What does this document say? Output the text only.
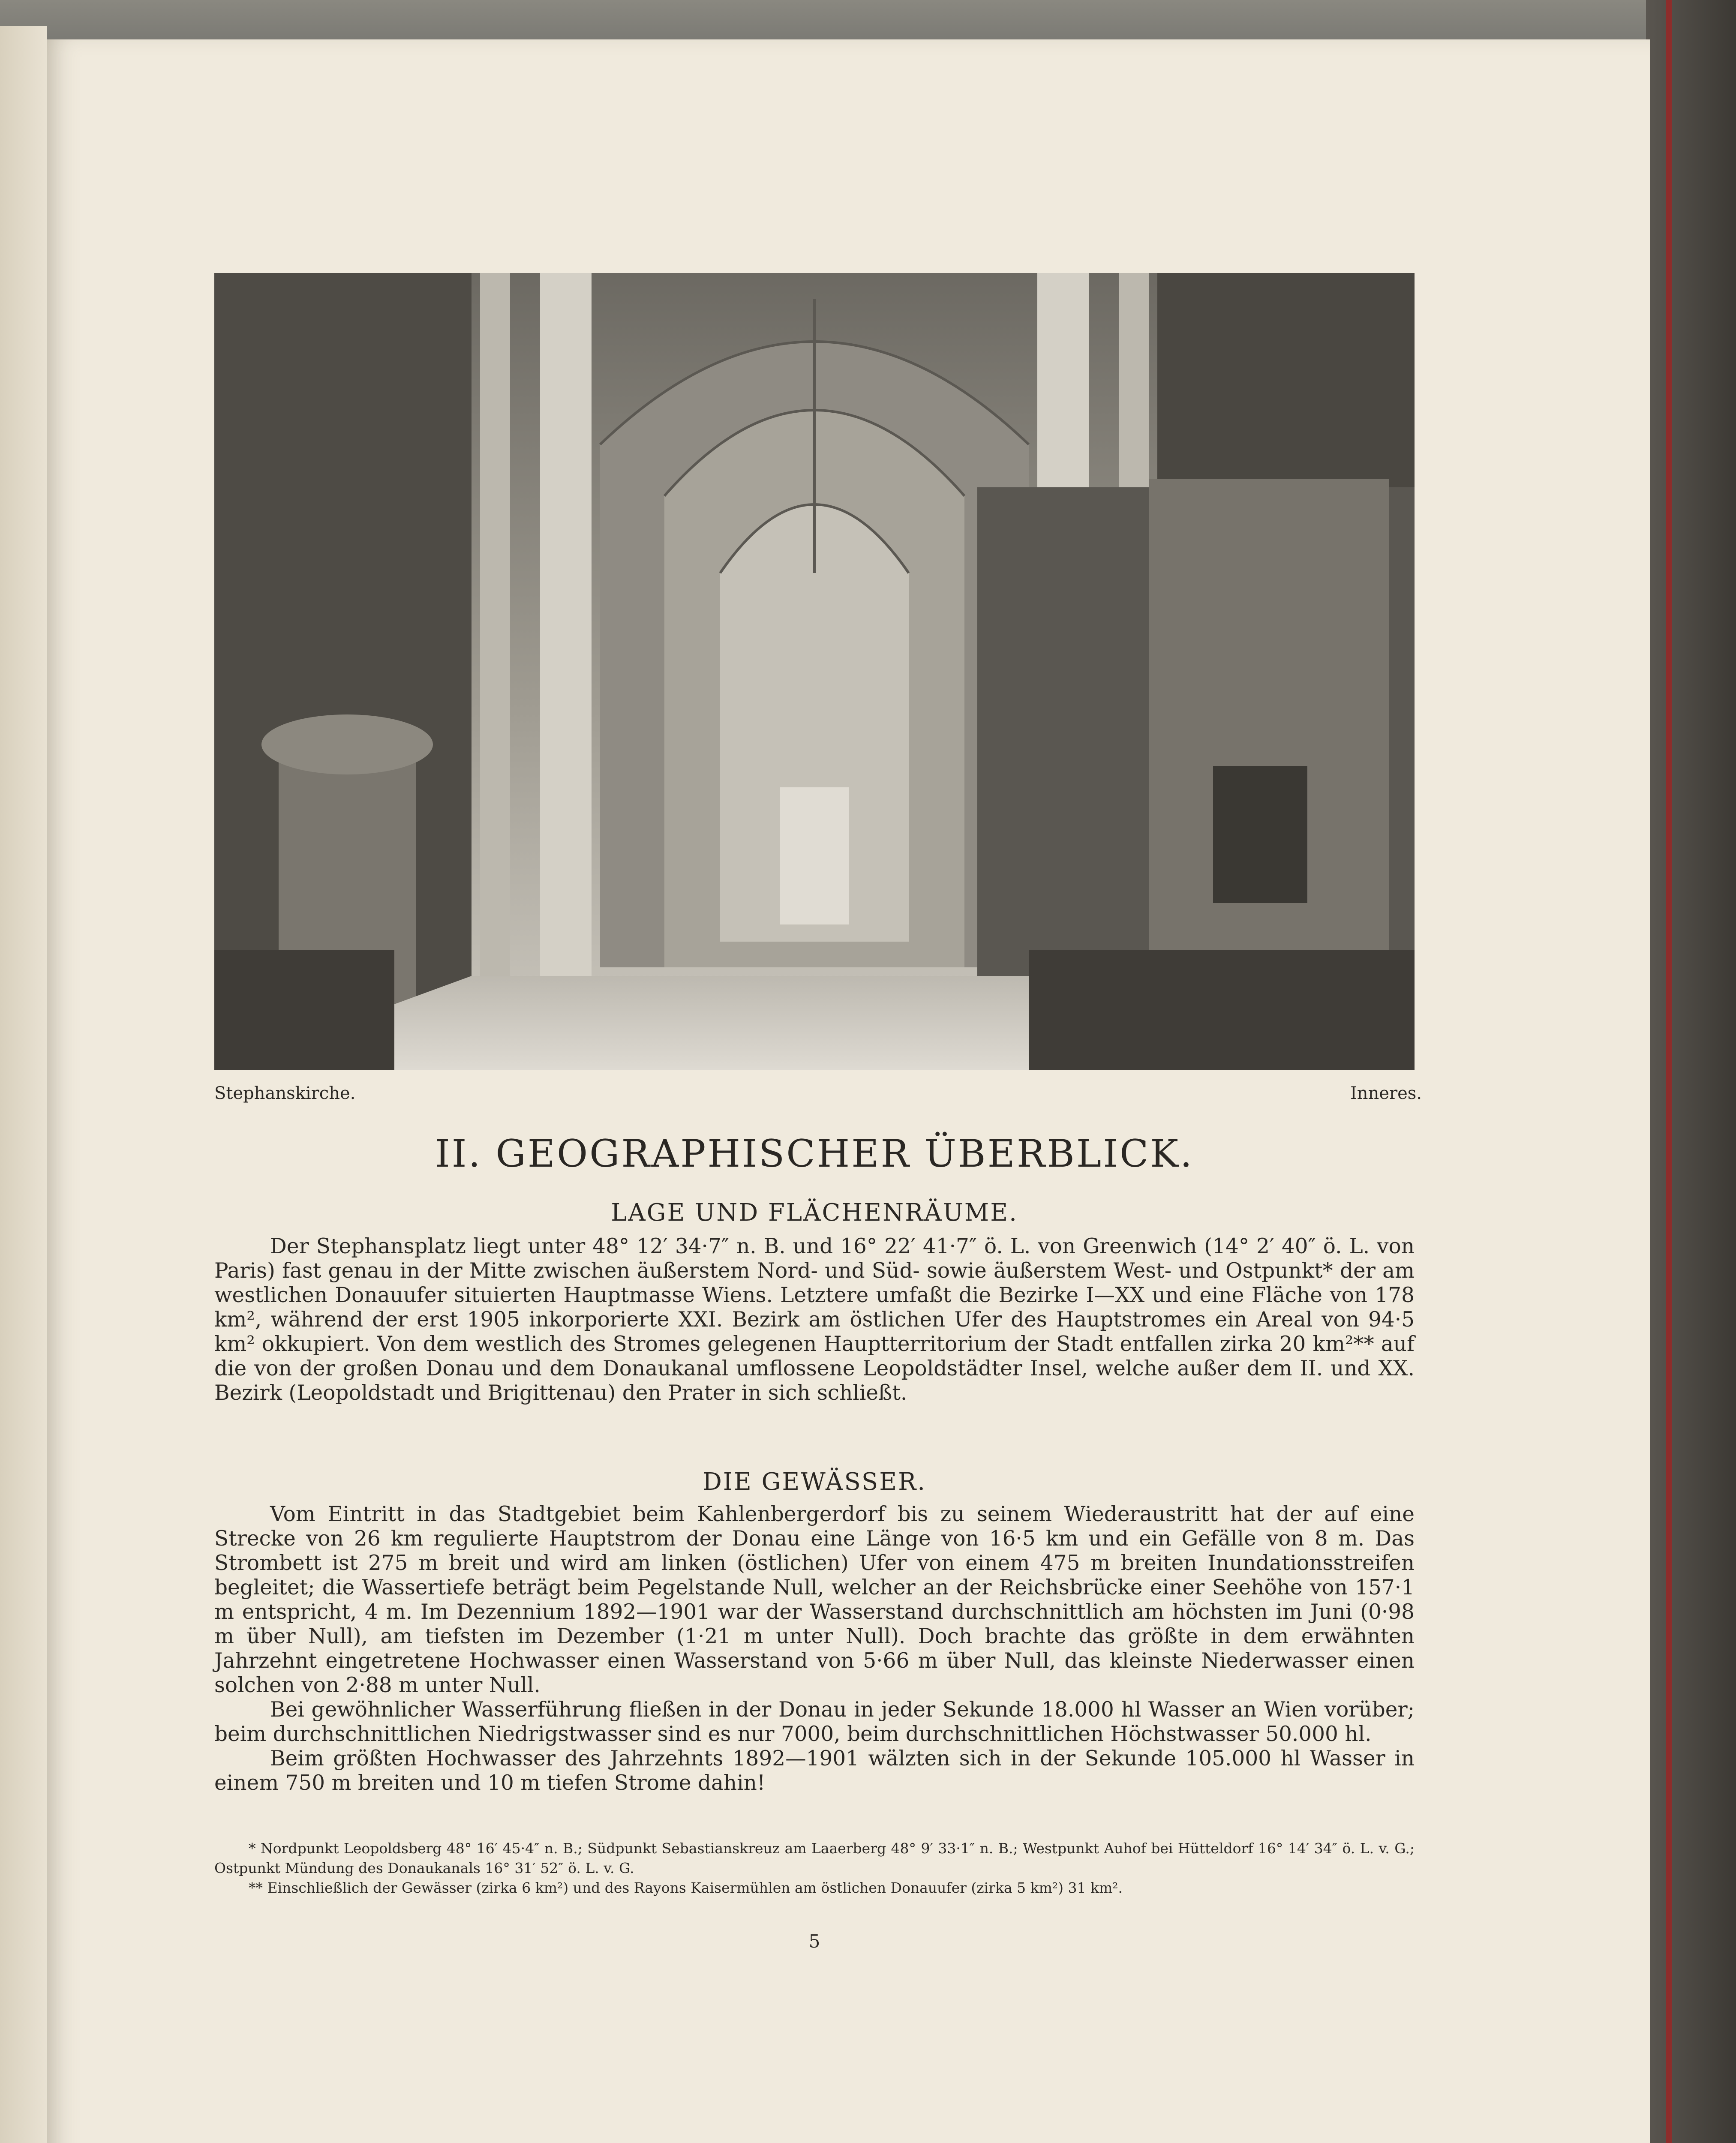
Stephanskirche.	Inneres.
II. GEOGRAPHISCHER ÜBERBLICK.
LAGE UND FLÄCHENRÄUME.

Der Stephansplatz liegt unter 48° 12′ 34·7″ n. B. und 16° 22′ 41·7″ ö. L. von Greenwich (14° 2′ 40″ ö. L. von Paris) fast genau in der Mitte zwischen äußerstem Nord- und Süd- sowie äußerstem West- und Ostpunkt* der am westlichen Donauufer situierten Hauptmasse Wiens. Letztere umfaßt die Bezirke I—XX und eine Fläche von 178 km², während der erst 1905 inkorporierte XXI. Bezirk am östlichen Ufer des Hauptstromes ein Areal von 94·5 km² okkupiert. Von dem westlich des Stromes gelegenen Hauptterritorium der Stadt entfallen zirka 20 km²** auf die von der großen Donau und dem Donaukanal umflossene Leopoldstädter Insel, welche außer dem II. und XX. Bezirk (Leopoldstadt und Brigittenau) den Prater in sich schließt.

DIE GEWÄSSER.

Vom Eintritt in das Stadtgebiet beim Kahlenbergerdorf bis zu seinem Wiederaustritt hat der auf eine Strecke von 26 km regulierte Hauptstrom der Donau eine Länge von 16·5 km und ein Gefälle von 8 m. Das Strombett ist 275 m breit und wird am linken (östlichen) Ufer von einem 475 m breiten Inundationsstreifen begleitet; die Wassertiefe beträgt beim Pegelstande Null, welcher an der Reichsbrücke einer Seehöhe von 157·1 m entspricht, 4 m. Im Dezennium 1892—1901 war der Wasserstand durchschnittlich am höchsten im Juni (0·98 m über Null), am tiefsten im Dezember (1·21 m unter Null). Doch brachte das größte in dem erwähnten Jahrzehnt eingetretene Hochwasser einen Wasserstand von 5·66 m über Null, das kleinste Niederwasser einen solchen von 2·88 m unter Null.

Bei gewöhnlicher Wasserführung fließen in der Donau in jeder Sekunde 18.000 hl Wasser an Wien vorüber; beim durchschnittlichen Niedrigstwasser sind es nur 7000, beim durchschnittlichen Höchstwasser 50.000 hl.

Beim größten Hochwasser des Jahrzehnts 1892—1901 wälzten sich in der Sekunde 105.000 hl Wasser in einem 750 m breiten und 10 m tiefen Strome dahin!

* Nordpunkt Leopoldsberg 48° 16′ 45·4″ n. B.; Südpunkt Sebastianskreuz am Laaerberg 48° 9′ 33·1″ n. B.; Westpunkt Auhof bei Hütteldorf 16° 14′ 34″ ö. L. v. G.; Ostpunkt Mündung des Donaukanals 16° 31′ 52″ ö. L. v. G.

** Einschließlich der Gewässer (zirka 6 km²) und des Rayons Kaisermühlen am östlichen Donauufer (zirka 5 km²) 31 km².

5
